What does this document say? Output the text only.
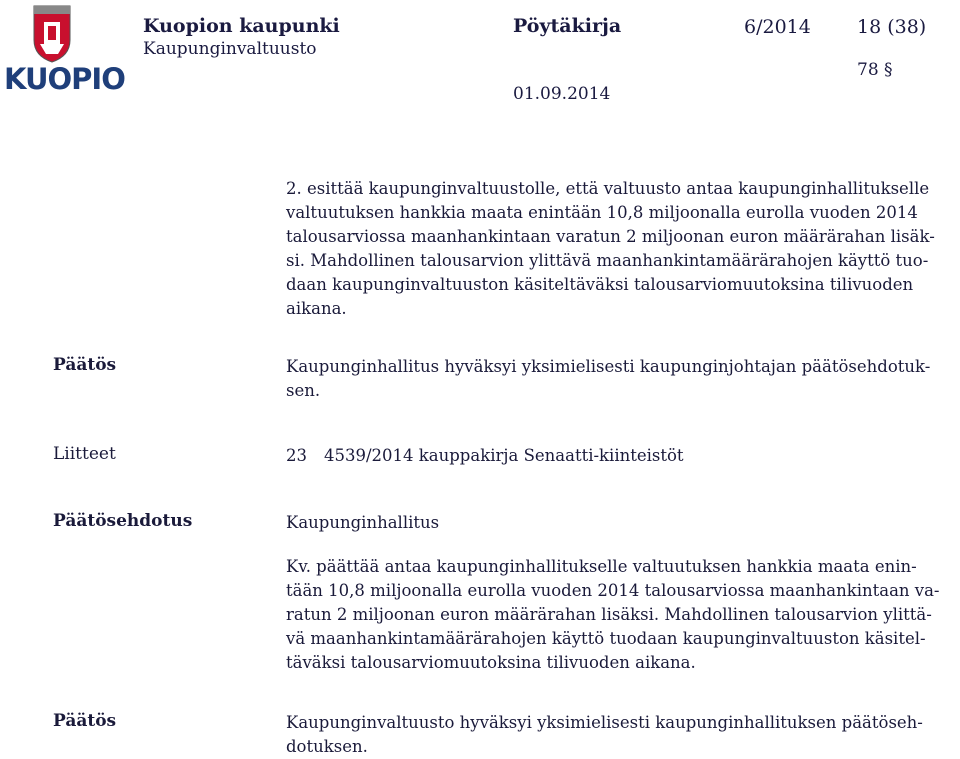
KUOPIO
Kuopion kaupunki
Kaupunginvaltuusto
Pöytäkirja	6/2014 18 (38)
78 §
01.09.2014
2. esittää kaupunginvaltuustolle, että valtuusto antaa kaupunginhallitukselle
valtuutuksen hankkia maata enintään 10,8 miljoonalla eurolla vuoden 2014
talousarviossa maanhankintaan varatun 2 miljoonan euron määrärahan lisäk-
si. Mahdollinen talousarvion ylittävä maanhankintamäärärahojen käyttö tuo-
daan kaupunginvaltuuston käsiteltäväksi talousarviomuutoksina tilivuoden
aikana.
Päätös	Kaupunginhallitus hyväksyi yksimielisesti kaupunginjohtajan päätösehdotuk-
sen.
Liitteet	23 4539/2014 kauppakirja Senaatti-kiinteistöt
Päätösehdotus	Kaupunginhallitus
Kv. päättää antaa kaupunginhallitukselle valtuutuksen hankkia maata enin-
tään 10,8 miljoonalla eurolla vuoden 2014 talousarviossa maanhankintaan va-
ratun 2 miljoonan euron määrärahan lisäksi. Mahdollinen talousarvion ylittä-
vä maanhankintamäärärahojen käyttö tuodaan kaupunginvaltuuston käsitel-
täväksi talousarviomuutoksina tilivuoden aikana.
Päätös	Kaupunginvaltuusto hyväksyi yksimielisesti kaupunginhallituksen päätöseh-
dotuksen.
